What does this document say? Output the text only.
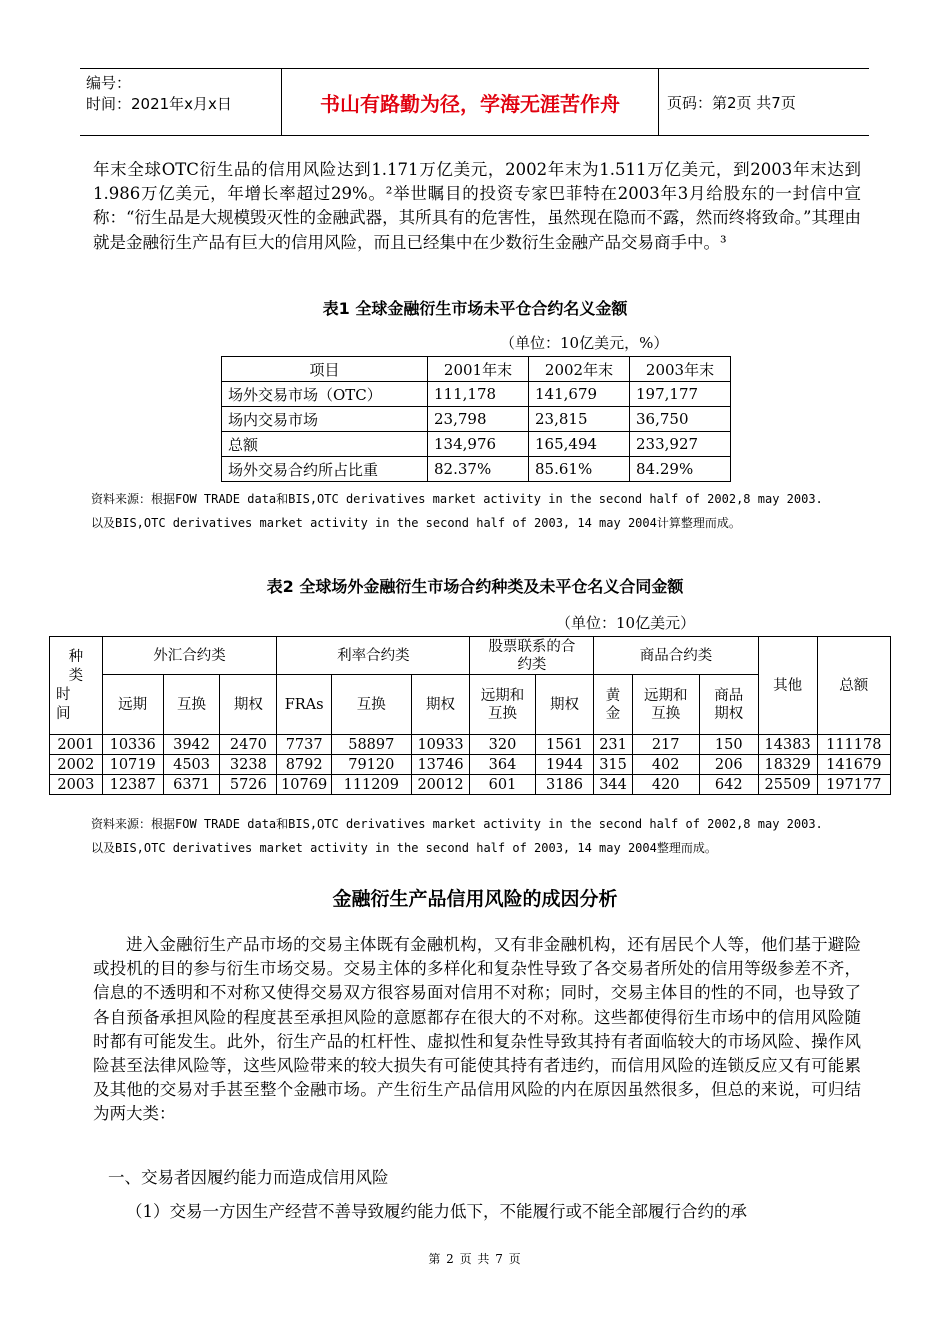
编号：
时间：2021年x月x日	书山有路勤为径，学海无涯苦作舟	页码：第2页 共7页
年末全球OTC衍生品的信用风险达到1.171万亿美元，2002年末为1.511万亿美元，到2003年末达到1.986万亿美元，年增长率超过29%。²举世瞩目的投资专家巴菲特在2003年3月给股东的一封信中宣称：“衍生品是大规模毁灭性的金融武器，其所具有的危害性，虽然现在隐而不露，然而终将致命。”其理由就是金融衍生产品有巨大的信用风险，而且已经集中在少数衍生金融产品交易商手中。³
表1 全球金融衍生市场未平仓合约名义金额
（单位：10亿美元，%）
项目	2001年末	2002年末	2003年末
场外交易市场（OTC）	111,178	141,679	197,177
场内交易市场	23,798	23,815	36,750
总额	134,976	165,494	233,927
场外交易合约所占比重	82.37%	85.61%	84.29%
资料来源：根据FOW TRADE data和BIS,OTC derivatives market activity in the second half of 2002,8 may 2003.
以及BIS,OTC derivatives market activity in the second half of 2003, 14 may 2004计算整理而成。
表2 全球场外金融衍生市场合约种类及未平仓名义合同金额
（单位：10亿美元）
种类
时间	外汇合约类			利率合约类			股票联系的合约类		商品合约类			其他	总额
	远期	互换	期权	FRAs	互换	期权	远期和互换	期权	黄金	远期和互换	商品期权		

2001	10336	3942	2470	7737	58897	10933	320	1561	231	217	150	14383	111178
2002	10719	4503	3238	8792	79120	13746	364	1944	315	402	206	18329	141679
2003	12387	6371	5726	10769	111209	20012	601	3186	344	420	642	25509	197177
资料来源：根据FOW TRADE data和BIS,OTC derivatives market activity in the second half of 2002,8 may 2003.
以及BIS,OTC derivatives market activity in the second half of 2003, 14 may 2004整理而成。
金融衍生产品信用风险的成因分析
进入金融衍生产品市场的交易主体既有金融机构，又有非金融机构，还有居民个人等，他们基于避险或投机的目的参与衍生市场交易。交易主体的多样化和复杂性导致了各交易者所处的信用等级参差不齐，信息的不透明和不对称又使得交易双方很容易面对信用不对称；同时，交易主体目的性的不同，也导致了各自预备承担风险的程度甚至承担风险的意愿都存在很大的不对称。这些都使得衍生市场中的信用风险随时都有可能发生。此外，衍生产品的杠杆性、虚拟性和复杂性导致其持有者面临较大的市场风险、操作风险甚至法律风险等，这些风险带来的较大损失有可能使其持有者违约，而信用风险的连锁反应又有可能累及其他的交易对手甚至整个金融市场。产生衍生产品信用风险的内在原因虽然很多，但总的来说，可归结为两大类：
一、交易者因履约能力而造成信用风险
（1）交易一方因生产经营不善导致履约能力低下，不能履行或不能全部履行合约的承
第 2 页 共 7 页
